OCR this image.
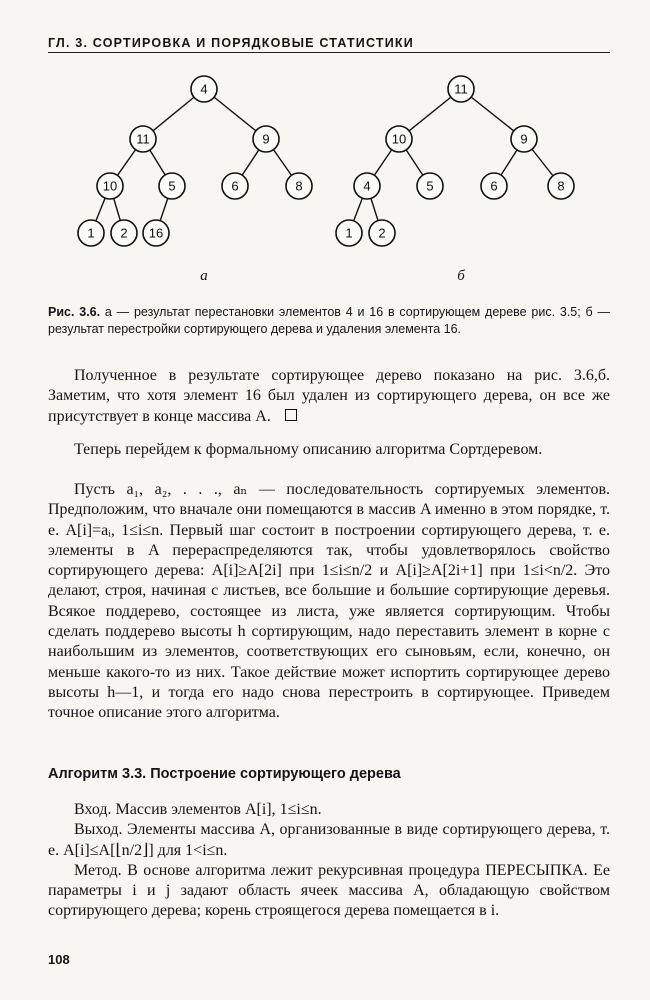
ГЛ. 3. СОРТИРОВКА И ПОРЯДКОВЫЕ СТАТИСТИКИ
4
11	9
10	5	6	8
1 2 16
а
11
10	9
4	5	6	8
1 2
б
Рис. 3.6. а — результат перестановки элементов 4 и 16 в сортирующем дереве рис. 3.5; б — результат перестройки сортирующего дерева и удаления элемента 16.

Полученное в результате сортирующее дерево показано на рис. 3.6,б. Заметим, что хотя элемент 16 был удален из сортирующего дерева, он все же присутствует в конце массива A.

Теперь перейдем к формальному описанию алгоритма Сортдеревом.

Пусть a₁, a₂, . . ., aₙ — последовательность сортируемых элементов. Предположим, что вначале они помещаются в массив A именно в этом порядке, т. е. A[i]=aᵢ, 1≤i≤n. Первый шаг состоит в построении сортирующего дерева, т. е. элементы в A перераспределяются так, чтобы удовлетворялось свойство сортирующего дерева: A[i]≥A[2i] при 1≤i≤n/2 и A[i]≥A[2i+1] при 1≤i<n/2. Это делают, строя, начиная с листьев, все большие и большие сортирующие деревья. Всякое поддерево, состоящее из листа, уже является сортирующим. Чтобы сделать поддерево высоты h сортирующим, надо переставить элемент в корне с наибольшим из элементов, соответствующих его сыновьям, если, конечно, он меньше какого-то из них. Такое действие может испортить сортирующее дерево высоты h—1, и тогда его надо снова перестроить в сортирующее. Приведем точное описание этого алгоритма.

Алгоритм 3.3. Построение сортирующего дерева

Вход. Массив элементов A[i], 1≤i≤n.

Выход. Элементы массива A, организованные в виде сортирующего дерева, т. е. A[i]≤A[⌊n/2⌋] для 1<i≤n.

Метод. В основе алгоритма лежит рекурсивная процедура ПЕРЕСЫПКА. Ее параметры i и j задают область ячеек массива A, обладающую свойством сортирующего дерева; корень строящегося дерева помещается в i.

108
